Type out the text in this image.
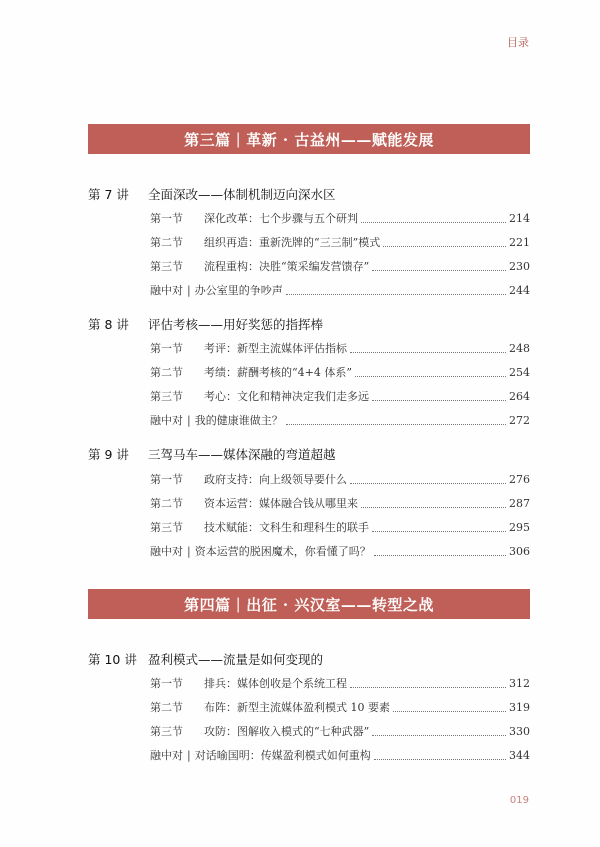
目录
第三篇 | 革新 · 古益州——赋能发展
第 7 讲 全面深改——体制机制迈向深水区
第一节	深化改革：七个步骤与五个研判	214
第二节	组织再造：重新洗牌的“三三制”模式	221
第三节	流程重构：决胜“策采编发营馈存”	230
融中对 | 办公室里的争吵声	244
第 8 讲 评估考核——用好奖惩的指挥棒
第一节	考评：新型主流媒体评估指标	248
第二节	考绩：薪酬考核的“4+4 体系”	254
第三节	考心：文化和精神决定我们走多远	264
融中对 | 我的健康谁做主？	272
第 9 讲 三驾马车——媒体深融的弯道超越
第一节	政府支持：向上级领导要什么	276
第二节	资本运营：媒体融合钱从哪里来	287
第三节	技术赋能：文科生和理科生的联手	295
融中对 | 资本运营的脱困魔术，你看懂了吗？	306
第四篇 | 出征 · 兴汉室——转型之战
第 10 讲 盈利模式——流量是如何变现的
第一节	排兵：媒体创收是个系统工程	312
第二节	布阵：新型主流媒体盈利模式 10 要素	319
第三节	攻防：图解收入模式的“七种武器”	330
融中对 | 对话喻国明：传媒盈利模式如何重构	344
019
